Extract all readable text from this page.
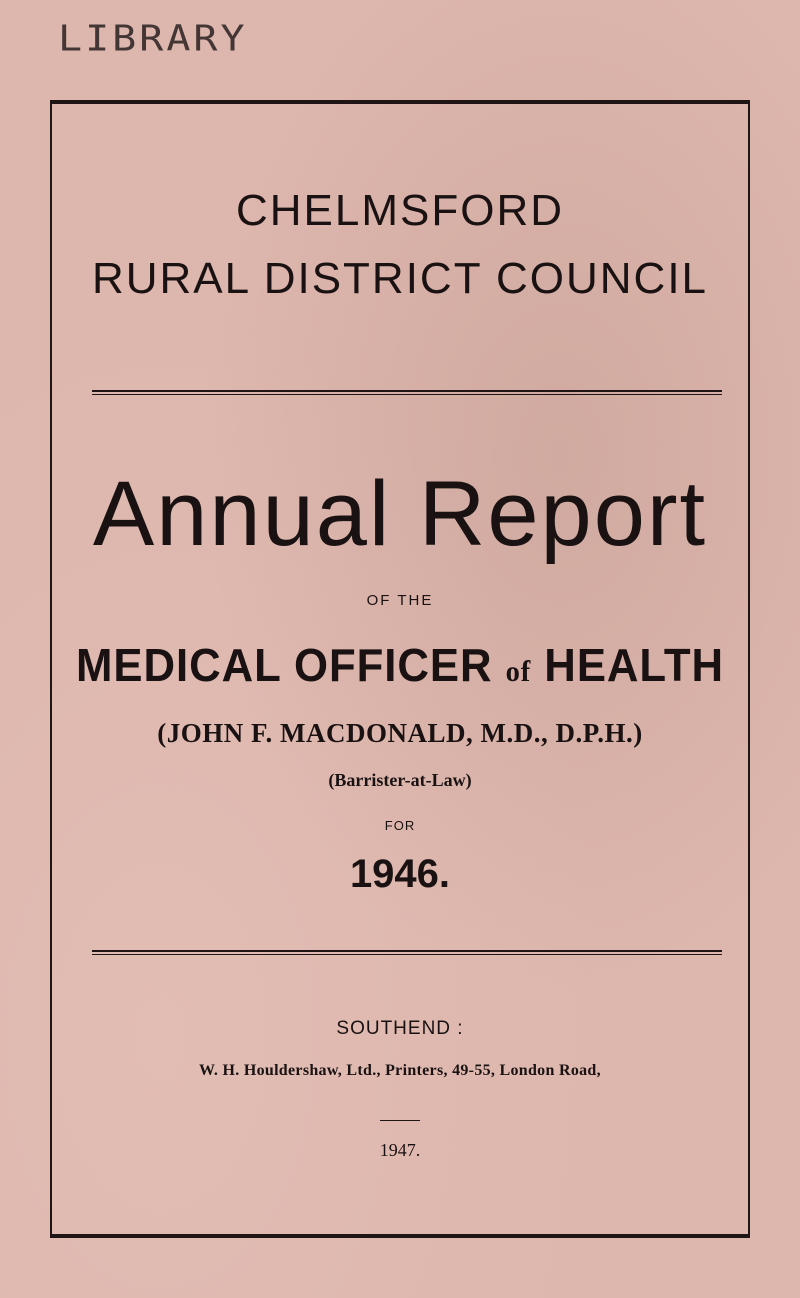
LIBRARY
CHELMSFORD
RURAL DISTRICT COUNCIL
Annual Report
OF THE
MEDICAL OFFICER of HEALTH
(JOHN F. MACDONALD, M.D., D.P.H.)
(Barrister-at-Law)
FOR
1946.
SOUTHEND :
W. H. Houldershaw, Ltd., Printers, 49-55, London Road,
1947.
